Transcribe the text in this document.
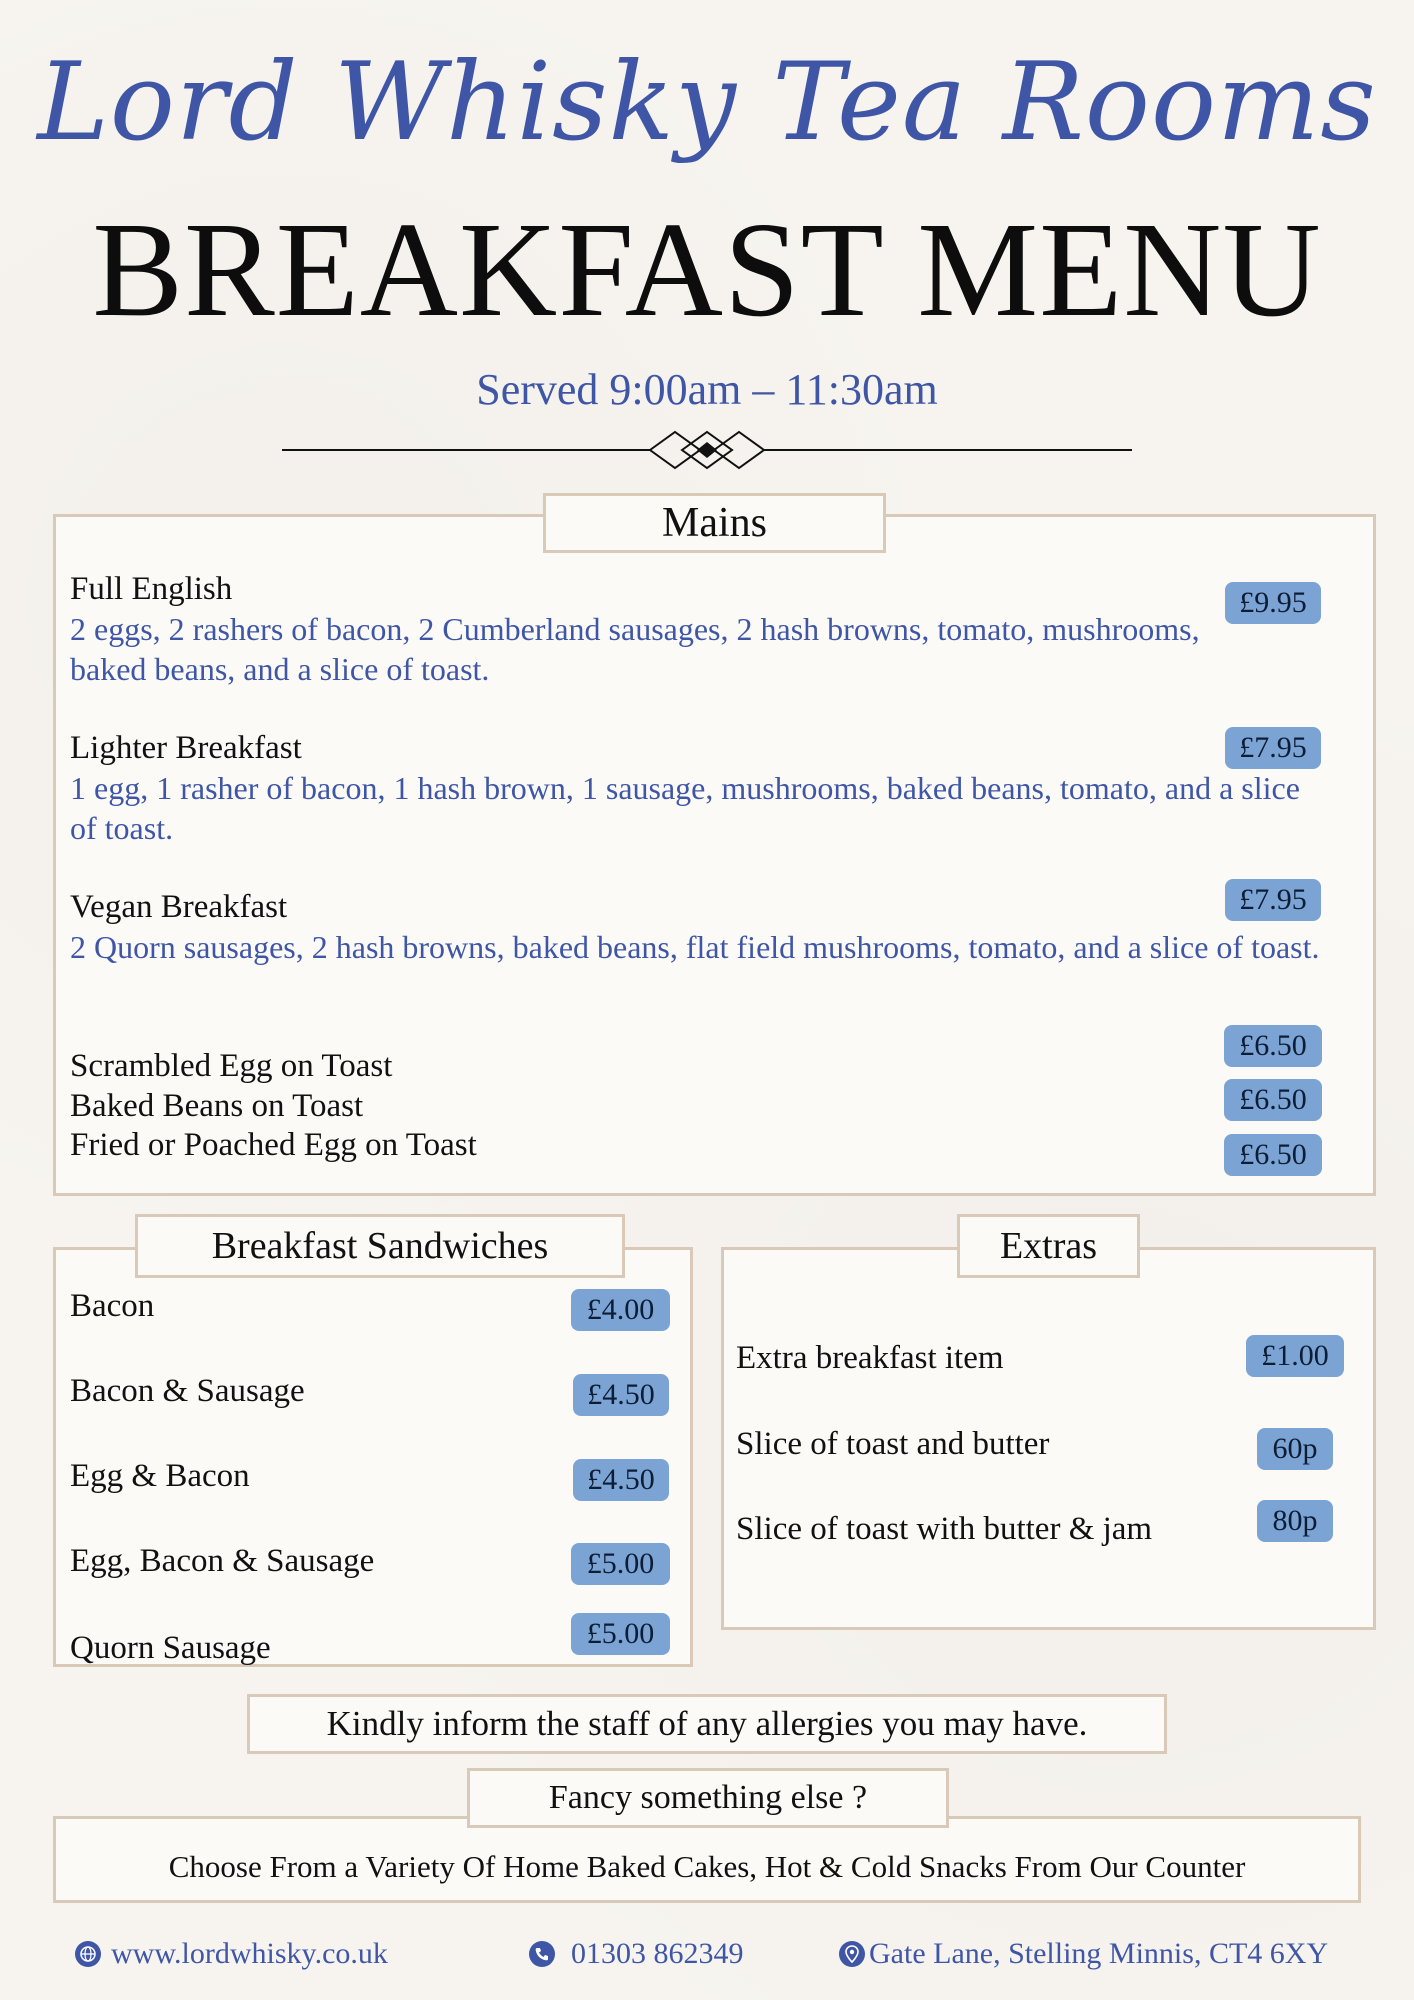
Lord Whisky Tea Rooms
BREAKFAST MENU
Served 9:00am – 11:30am
Mains
Full English
2 eggs, 2 rashers of bacon, 2 Cumberland sausages, 2 hash browns, tomato, mushrooms, baked beans, and a slice of toast.
£9.95
Lighter Breakfast
1 egg, 1 rasher of bacon, 1 hash brown, 1 sausage, mushrooms, baked beans, tomato, and a slice of toast.
£7.95
Vegan Breakfast
2 Quorn sausages, 2 hash browns, baked beans, flat field mushrooms, tomato, and a slice of toast.
£7.95
Scrambled Egg on Toast
Baked Beans on Toast
Fried or Poached Egg on Toast
£6.50
£6.50
£6.50
Breakfast Sandwiches
Bacon
Bacon & Sausage
Egg & Bacon
Egg, Bacon & Sausage
Quorn Sausage
£4.00
£4.50
£4.50
£5.00
£5.00
Extras
Extra breakfast item
Slice of toast and butter
Slice of toast with butter & jam
£1.00
60p
80p
Kindly inform the staff of any allergies you may have.
Fancy something else ?
Choose From a Variety Of Home Baked Cakes, Hot & Cold Snacks From Our Counter
www.lordwhisky.co.uk	01303 862349	Gate Lane, Stelling Minnis, CT4 6XY
